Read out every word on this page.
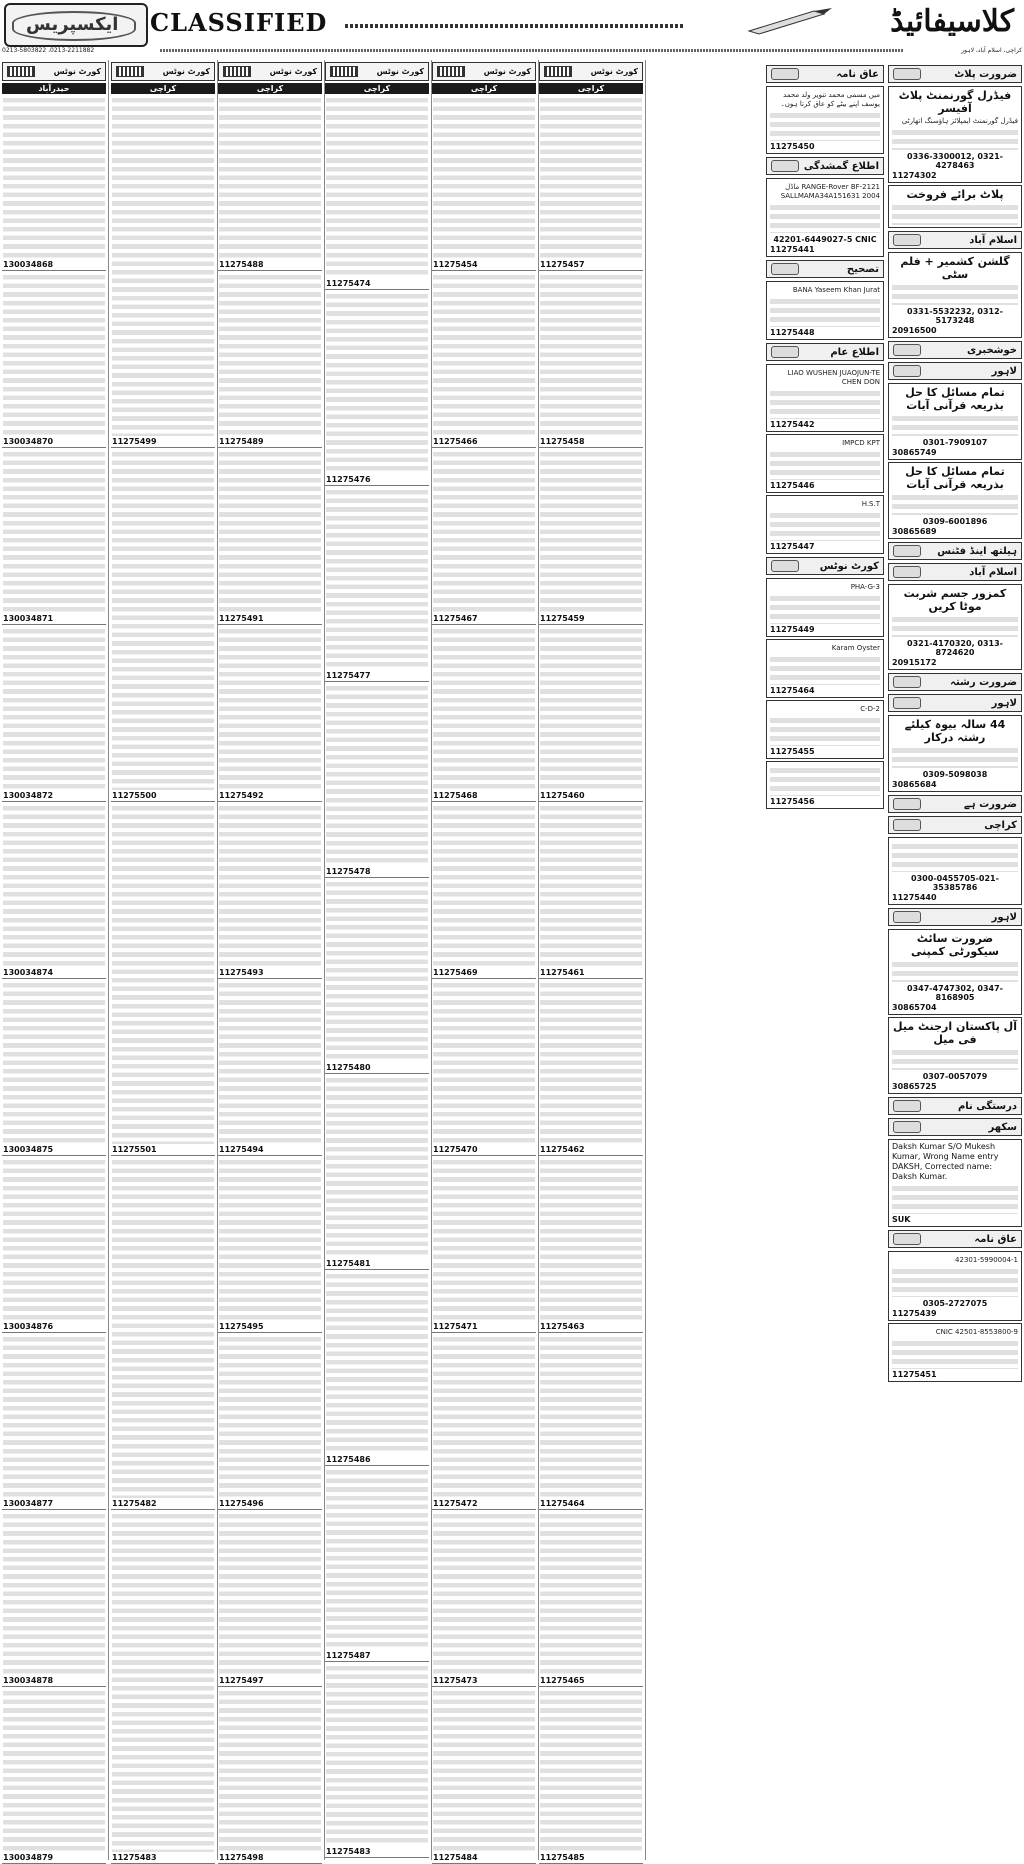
ایکسپریس CLASSIFIED	کلاسیفائیڈ
0213-5803822 ،0213-2211882	کراچی، اسلام آباد، لاہور
کورٹ نوٹس
حیدرآباد
130034868
130034870
130034871
130034872
130034874
130034875
130034876
130034877
130034878
130034879
کورٹ نوٹس
کراچی
11275499
11275500
11275501
11275482
11275483
کورٹ نوٹس
کراچی
11275488
11275489
11275491
11275492
11275493
11275494
11275495
11275496
11275497
11275498
کورٹ نوٹس
کراچی
11275474
11275476
11275477
11275478
11275480
11275481
11275486
11275487
11275483
کورٹ نوٹس
کراچی
11275454
11275466
11275467
11275468
11275469
11275470
11275471
11275472
11275473
11275484
کورٹ نوٹس
کراچی
11275457
11275458
11275459
11275460
11275461
11275462
11275463
11275464
11275465
11275485
عاق نامہ
میں مسمی محمد تنویر ولد محمد یوسف اپنے بیٹے کو عاق کرتا ہوں۔
11275450
اطلاع گمشدگی
RANGE-Rover BF-2121 ماڈل 2004 SALLMAMA34A151631
42201-6449027-5 CNIC
11275441
تصحیح
BANA Yaseem Khan Jurat
11275448
اطلاع عام
LIAO WUSHEN JUAOJUN-TE CHEN DON
11275442
IMPCD KPT
11275446
H.S.T
11275447
کورٹ نوٹس
PHA-G-3
11275449
Karam Oyster
11275464
C-D-2
11275455
11275456
ضرورت پلاٹ
فیڈرل گورنمنٹ پلاٹ آفیسر
فیڈرل گورنمنٹ ایمپلائز ہاؤسنگ اتھارٹی
0336-3300012, 0321-4278463
11274302
پلاٹ برائے فروخت
اسلام آباد
گلشن کشمیر + فلم سٹی
0331-5532232, 0312-5173248
20916500
خوشخبری
لاہور
تمام مسائل کا حل بذریعہ قرآنی آیات
0301-7909107
30865749
تمام مسائل کا حل بذریعہ قرآنی آیات
0309-6001896
30865689
ہیلتھ اینڈ فٹنس
اسلام آباد
کمزور جسم شربت موٹا کریں
0321-4170320, 0313-8724620
20915172
ضرورت رشتہ
لاہور
44 سالہ بیوہ کیلئے رشتہ درکار
0309-5098038
30865684
ضرورت ہے
کراچی
0300-0455705-021-35385786
11275440
لاہور
ضرورت سائٹ سیکورٹی کمپنی
0347-4747302, 0347-8168905
30865704
آل پاکستان ارجنٹ میل فی میل
0307-0057079
30865725
درستگی نام
سکھر
Daksh Kumar S/O Mukesh Kumar, Wrong Name entry DAKSH, Corrected name: Daksh Kumar.
SUK
عاق نامہ
42301-5990004-1
0305-2727075
11275439
42501-8553800-9 CNIC
11275451
